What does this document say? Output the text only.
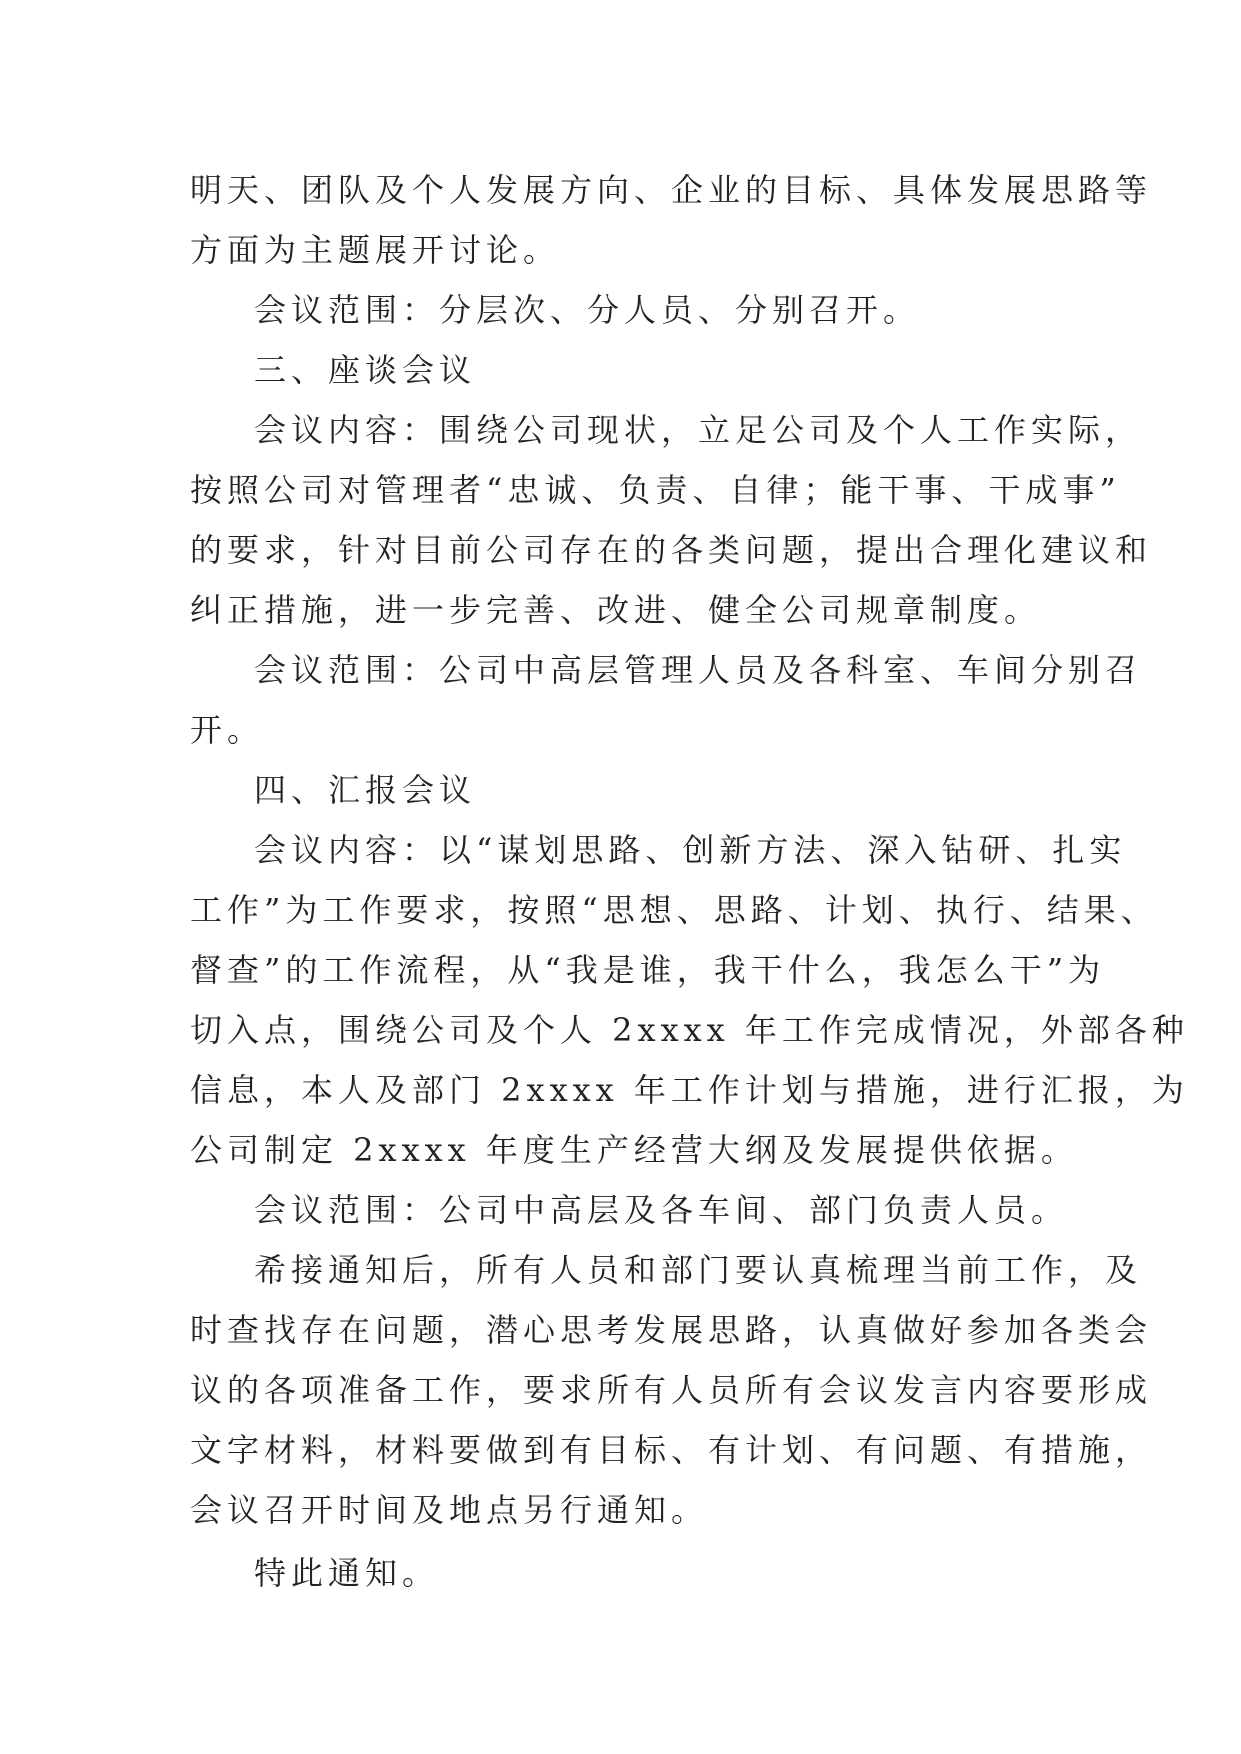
明天、团队及个人发展方向、企业的目标、具体发展思路等
方面为主题展开讨论。
会议范围：分层次、分人员、分别召开。
三、座谈会议
会议内容：围绕公司现状，立足公司及个人工作实际，
按照公司对管理者“忠诚、负责、自律；能干事、干成事”
的要求，针对目前公司存在的各类问题，提出合理化建议和
纠正措施，进一步完善、改进、健全公司规章制度。
会议范围：公司中高层管理人员及各科室、车间分别召
开。
四、汇报会议
会议内容：以“谋划思路、创新方法、深入钻研、扎实
工作”为工作要求，按照“思想、思路、计划、执行、结果、
督查”的工作流程，从“我是谁，我干什么，我怎么干”为
切入点，围绕公司及个人 2xxxx 年工作完成情况，外部各种
信息，本人及部门 2xxxx 年工作计划与措施，进行汇报，为
公司制定 2xxxx 年度生产经营大纲及发展提供依据。
会议范围：公司中高层及各车间、部门负责人员。
希接通知后，所有人员和部门要认真梳理当前工作，及
时查找存在问题，潜心思考发展思路，认真做好参加各类会
议的各项准备工作，要求所有人员所有会议发言内容要形成
文字材料，材料要做到有目标、有计划、有问题、有措施，
会议召开时间及地点另行通知。
特此通知。
